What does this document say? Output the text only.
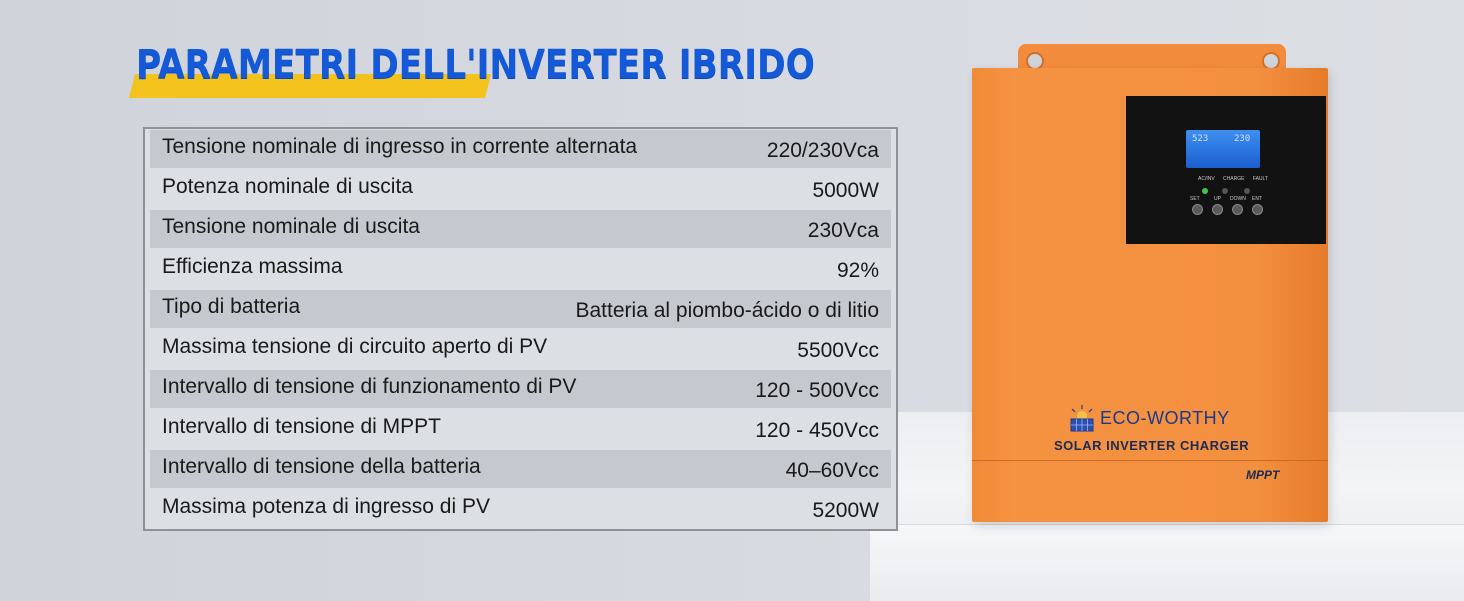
PARAMETRI DELL'INVERTER IBRIDO
Tensione nominale di ingresso in corrente alternata	220/230Vca
Potenza nominale di uscita	5000W
Tensione nominale di uscita	230Vca
Efficienza massima	92%
Tipo di batteria	Batteria al piombo-ácido o di litio
Massima tensione di circuito aperto di PV	5500Vcc
Intervallo di tensione di funzionamento di PV	120 - 500Vcc
Intervallo di tensione di MPPT	120 - 450Vcc
Intervallo di tensione della batteria	40–60Vcc
Massima potenza di ingresso di PV	5200W
523	230
AC/INV CHARGE FAULT
SET	UP DOWN ENT
ECO-WORTHY
SOLAR INVERTER CHARGER
MPPT
